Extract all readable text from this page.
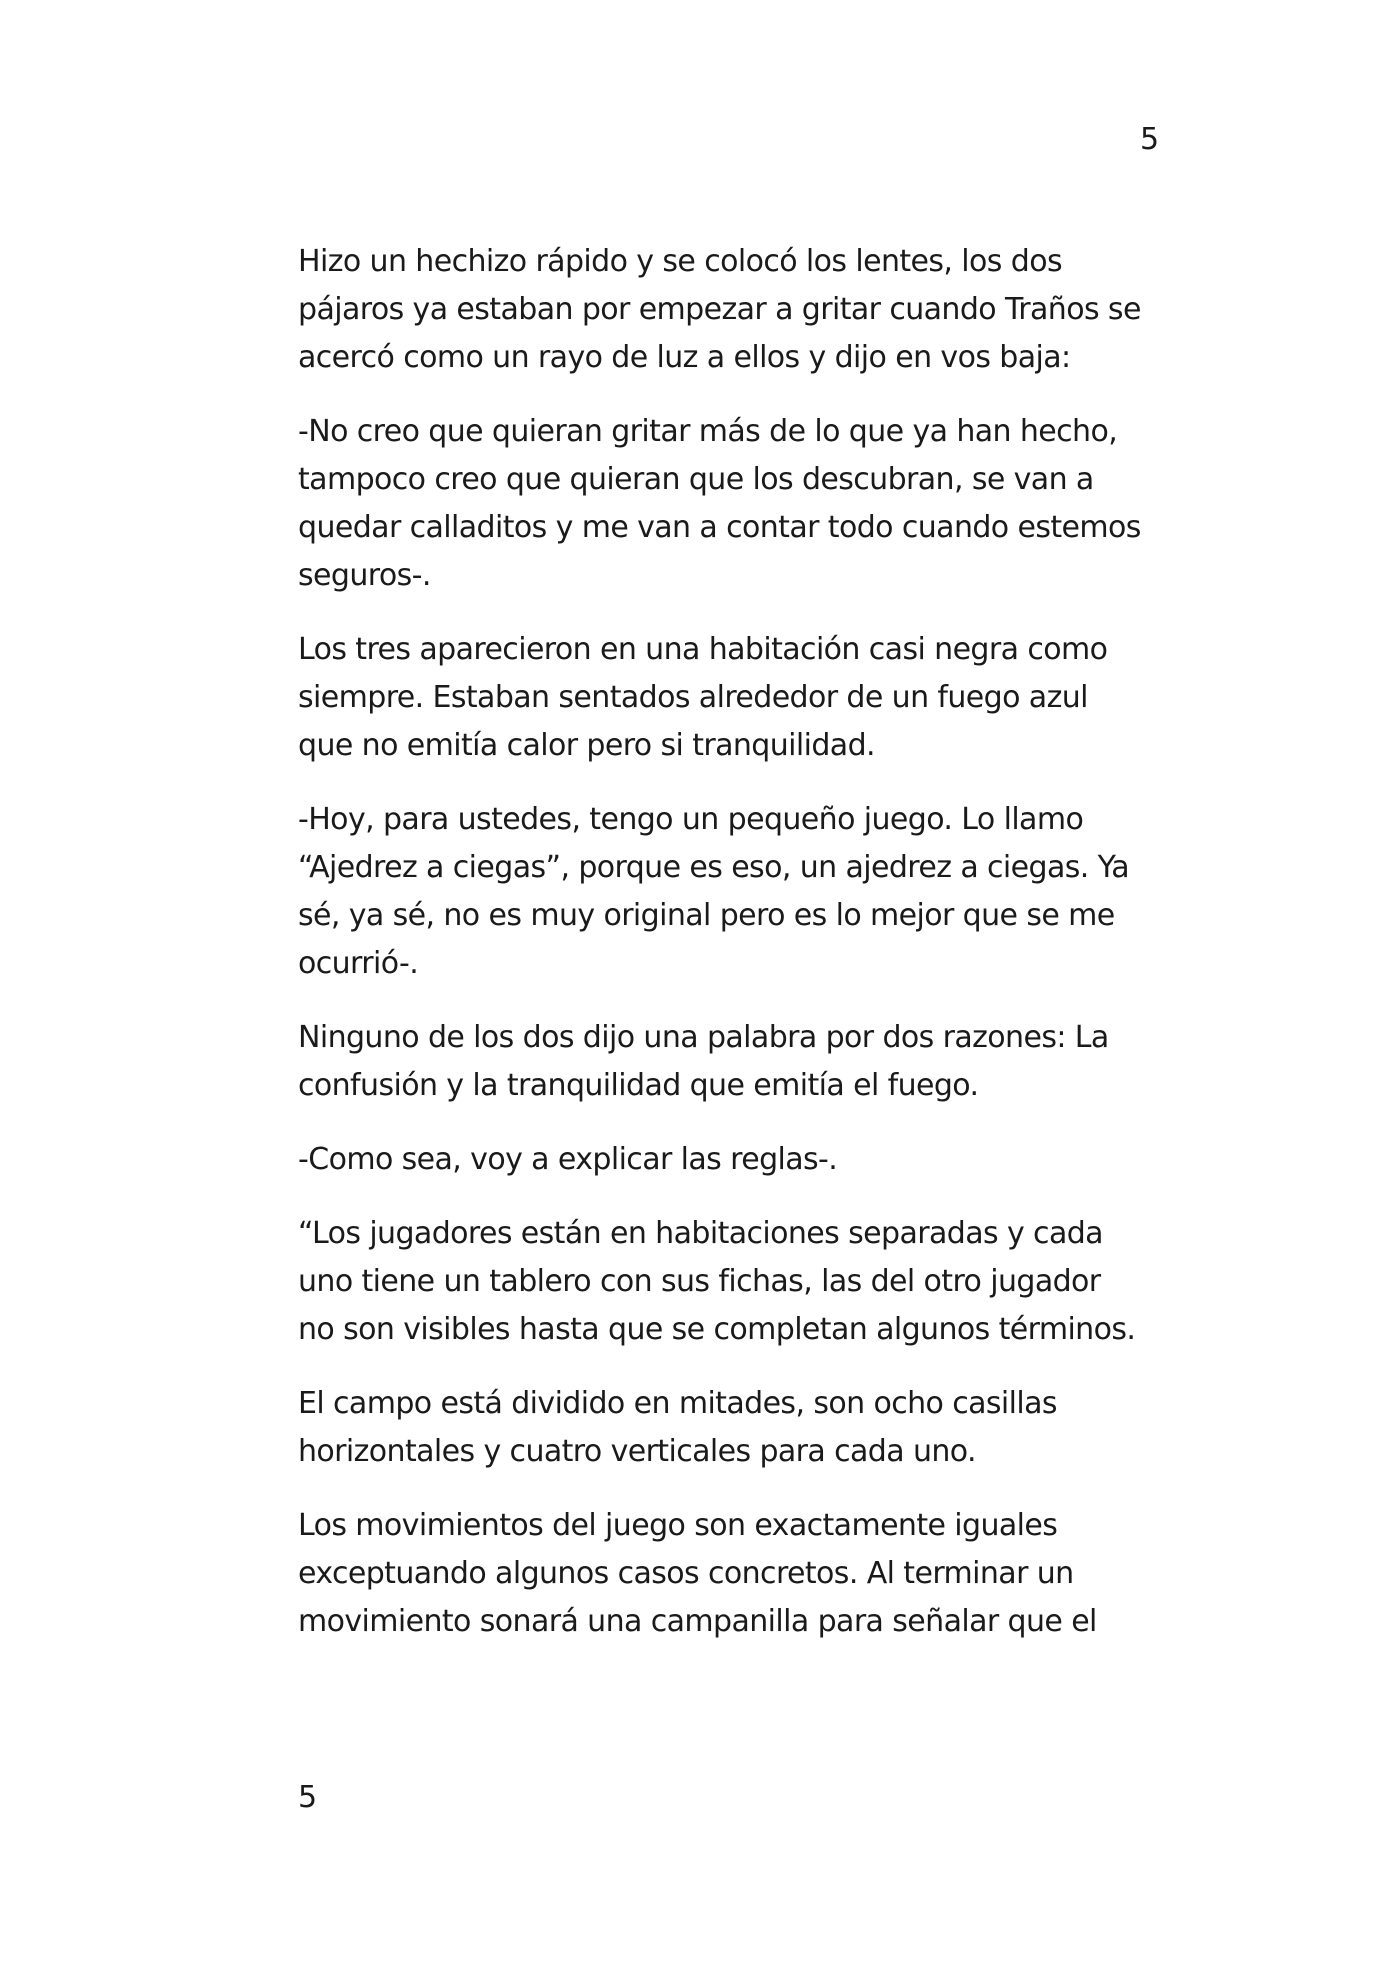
5

Hizo un hechizo rápido y se colocó los lentes, los dos
pájaros ya estaban por empezar a gritar cuando Traños se
acercó como un rayo de luz a ellos y dijo en vos baja:

-No creo que quieran gritar más de lo que ya han hecho,
tampoco creo que quieran que los descubran, se van a
quedar calladitos y me van a contar todo cuando estemos
seguros-.

Los tres aparecieron en una habitación casi negra como
siempre. Estaban sentados alrededor de un fuego azul
que no emitía calor pero si tranquilidad.

-Hoy, para ustedes, tengo un pequeño juego. Lo llamo
“Ajedrez a ciegas”, porque es eso, un ajedrez a ciegas. Ya
sé, ya sé, no es muy original pero es lo mejor que se me
ocurrió-.

Ninguno de los dos dijo una palabra por dos razones: La
confusión y la tranquilidad que emitía el fuego.

-Como sea, voy a explicar las reglas-.

“Los jugadores están en habitaciones separadas y cada
uno tiene un tablero con sus fichas, las del otro jugador
no son visibles hasta que se completan algunos términos.

El campo está dividido en mitades, son ocho casillas
horizontales y cuatro verticales para cada uno.

Los movimientos del juego son exactamente iguales
exceptuando algunos casos concretos. Al terminar un
movimiento sonará una campanilla para señalar que el

5
